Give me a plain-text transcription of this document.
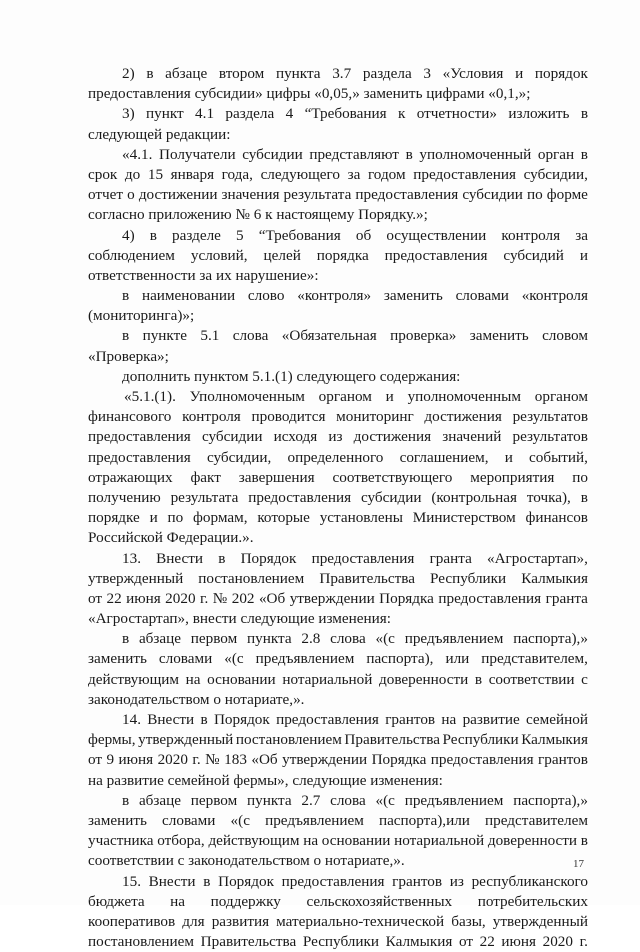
2) в абзаце втором пункта 3.7 раздела 3 «Условия и порядок
предоставления субсидии» цифры «0,05,» заменить цифрами «0,1,»;
3) пункт 4.1 раздела 4 “Требования к отчетности» изложить в
следующей редакции:
«4.1. Получатели субсидии представляют в уполномоченный орган в
срок до 15 января года, следующего за годом предоставления субсидии,
отчет о достижении значения результата предоставления субсидии по форме
согласно приложению № 6 к настоящему Порядку.»;
4) в разделе 5 “Требования об осуществлении контроля за
соблюдением условий, целей порядка предоставления субсидий и
ответственности за их нарушение»:
в наименовании слово «контроля» заменить словами «контроля
(мониторинга)»;
в пункте 5.1 слова «Обязательная проверка» заменить словом
«Проверка»;
дополнить пунктом 5.1.(1) следующего содержания:
«5.1.(1). Уполномоченным органом и уполномоченным органом
финансового контроля проводится мониторинг достижения результатов
предоставления субсидии исходя из достижения значений результатов
предоставления субсидии, определенного соглашением, и событий,
отражающих факт завершения соответствующего мероприятия по
получению результата предоставления субсидии (контрольная точка), в
порядке и по формам, которые установлены Министерством финансов
Российской Федерации.».
13. Внести в Порядок предоставления гранта «Агростартап»,
утвержденный постановлением Правительства Республики Калмыкия
от 22 июня 2020 г. № 202 «Об утверждении Порядка предоставления гранта
«Агростартап», внести следующие изменения:
в абзаце первом пункта 2.8 слова «(с предъявлением паспорта),»
заменить словами «(с предъявлением паспорта), или представителем,
действующим на основании нотариальной доверенности в соответствии с
законодательством о нотариате,».
14. Внести в Порядок предоставления грантов на развитие семейной
фермы, утвержденный постановлением Правительства Республики Калмыкия
от 9 июня 2020 г. № 183 «Об утверждении Порядка предоставления грантов
на развитие семейной фермы», следующие изменения:
в абзаце первом пункта 2.7 слова «(с предъявлением паспорта),»
заменить словами «(с предъявлением паспорта),или представителем
участника отбора, действующим на основании нотариальной доверенности в
соответствии с законодательством о нотариате,».
15. Внести в Порядок предоставления грантов из республиканского
бюджета на поддержку сельскохозяйственных потребительских
кооперативов для развития материально-технической базы, утвержденный
постановлением Правительства Республики Калмыкия от 22 июня 2020 г.
17
